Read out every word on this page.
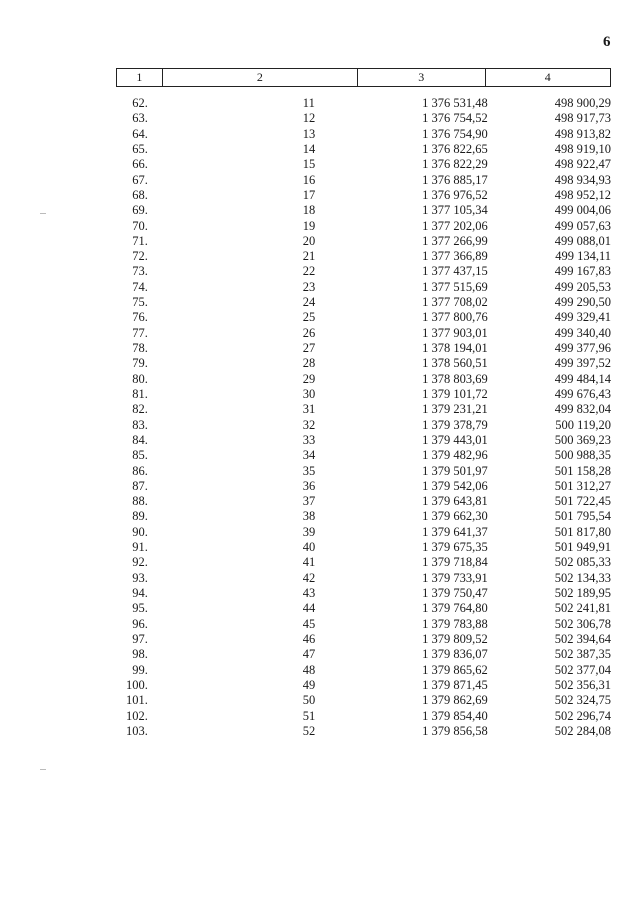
6
1	2	3	4
62.	11	1 376 531,48	498 900,29
63.	12	1 376 754,52	498 917,73
64.	13	1 376 754,90	498 913,82
65.	14	1 376 822,65	498 919,10
66.	15	1 376 822,29	498 922,47
67.	16	1 376 885,17	498 934,93
68.	17	1 376 976,52	498 952,12
69.	18	1 377 105,34	499 004,06
70.	19	1 377 202,06	499 057,63
71.	20	1 377 266,99	499 088,01
72.	21	1 377 366,89	499 134,11
73.	22	1 377 437,15	499 167,83
74.	23	1 377 515,69	499 205,53
75.	24	1 377 708,02	499 290,50
76.	25	1 377 800,76	499 329,41
77.	26	1 377 903,01	499 340,40
78.	27	1 378 194,01	499 377,96
79.	28	1 378 560,51	499 397,52
80.	29	1 378 803,69	499 484,14
81.	30	1 379 101,72	499 676,43
82.	31	1 379 231,21	499 832,04
83.	32	1 379 378,79	500 119,20
84.	33	1 379 443,01	500 369,23
85.	34	1 379 482,96	500 988,35
86.	35	1 379 501,97	501 158,28
87.	36	1 379 542,06	501 312,27
88.	37	1 379 643,81	501 722,45
89.	38	1 379 662,30	501 795,54
90.	39	1 379 641,37	501 817,80
91.	40	1 379 675,35	501 949,91
92.	41	1 379 718,84	502 085,33
93.	42	1 379 733,91	502 134,33
94.	43	1 379 750,47	502 189,95
95.	44	1 379 764,80	502 241,81
96.	45	1 379 783,88	502 306,78
97.	46	1 379 809,52	502 394,64
98.	47	1 379 836,07	502 387,35
99.	48	1 379 865,62	502 377,04
100.	49	1 379 871,45	502 356,31
101.	50	1 379 862,69	502 324,75
102.	51	1 379 854,40	502 296,74
103.	52	1 379 856,58	502 284,08
